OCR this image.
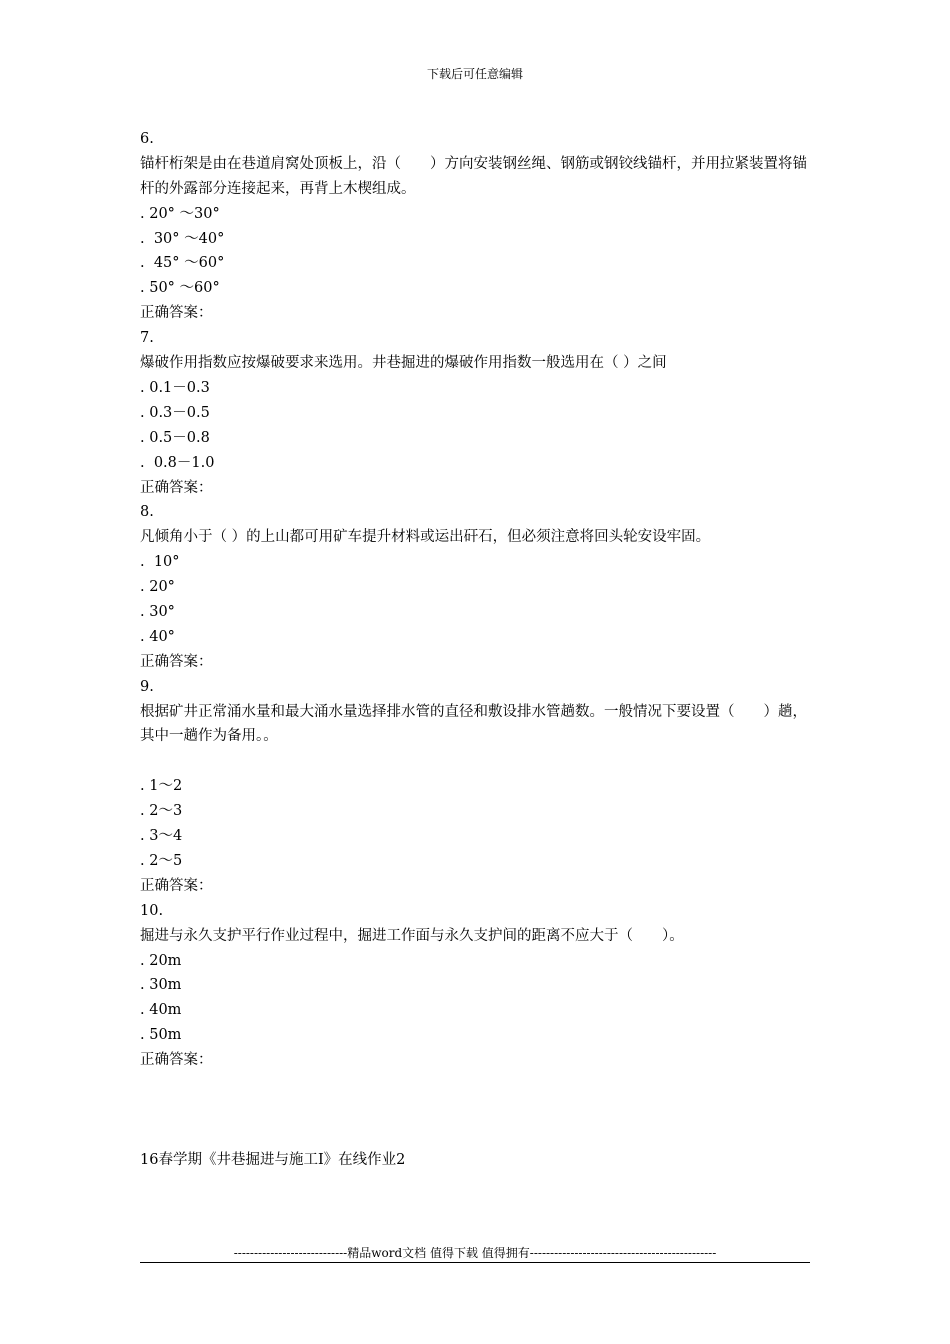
下载后可任意编辑
6.
锚杆桁架是由在巷道肩窝处顶板上，沿（　　）方向安装钢丝绳、钢筋或钢铰线锚杆，并用拉紧装置将锚杆的外露部分连接起来，再背上木楔组成。
. 20° ～30°
.  30° ～40°
.  45° ～60°
. 50° ～60°
正确答案：
7.
爆破作用指数应按爆破要求来选用。井巷掘进的爆破作用指数一般选用在（ ）之间
. 0.1－0.3
. 0.3－0.5
. 0.5－0.8
.  0.8－1.0
正确答案：
8.
凡倾角小于（ ）的上山都可用矿车提升材料或运出矸石，但必须注意将回头轮安设牢固。
.  10°
. 20°
. 30°
. 40°
正确答案：
9.
根据矿井正常涌水量和最大涌水量选择排水管的直径和敷设排水管趟数。一般情况下要设置（　　）趟，其中一趟作为备用。。
. 1～2
. 2～3
. 3～4
. 2～5
正确答案：
10.
掘进与永久支护平行作业过程中，掘进工作面与永久支护间的距离不应大于（　　）。
. 20m
. 30m
. 40m
. 50m
正确答案：
16春学期《井巷掘进与施工Ⅰ》在线作业2
----------------------------精品word文档 值得下载 值得拥有----------------------------------------------
